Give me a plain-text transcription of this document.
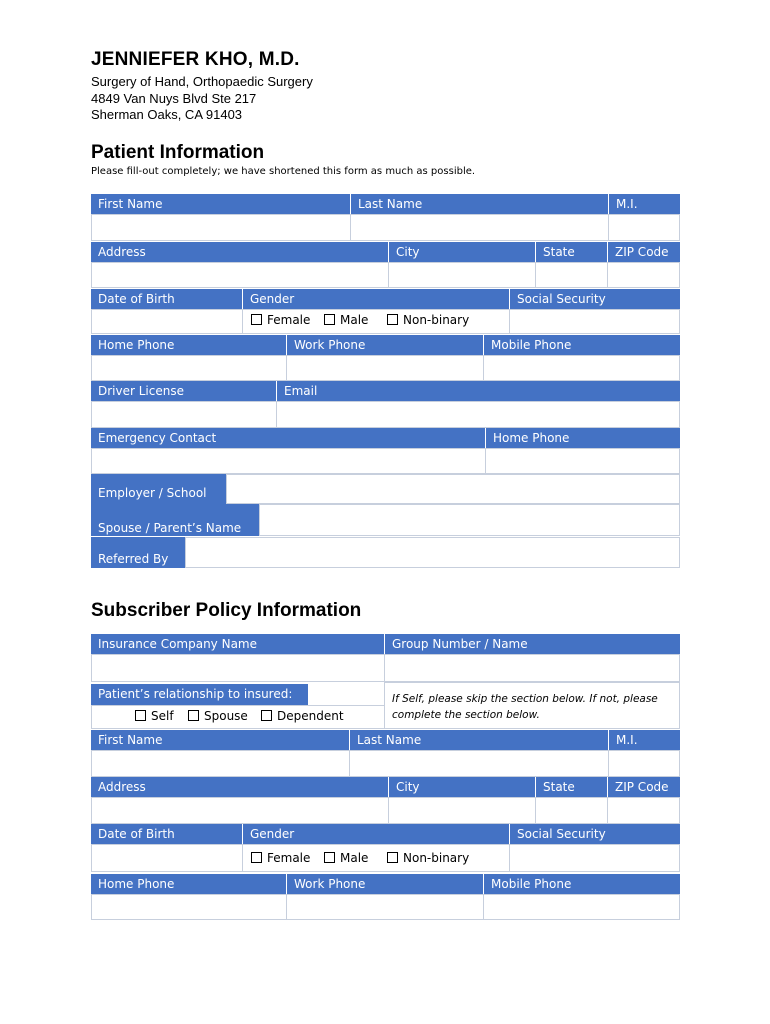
JENNIEFER KHO, M.D.
Surgery of Hand, Orthopaedic Surgery
4849 Van Nuys Blvd Ste 217
Sherman Oaks, CA 91403
Patient Information
Please fill-out completely; we have shortened this form as much as possible.
First Name	Last Name	M.I.
Address	City	State	ZIP Code
Date of Birth	Gender	Social Security
Female	Male	Non-binary
Home Phone	Work Phone	Mobile Phone
Driver License	Email
Emergency Contact	Home Phone
Employer / School
Spouse / Parent’s Name
Referred By
Subscriber Policy Information
Insurance Company Name	Group Number / Name
Patient’s relationship to insured:
Self	Spouse	Dependent
If Self, please skip the section below. If not, please
complete the section below.
First Name	Last Name	M.I.
Address	City	State	ZIP Code
Date of Birth	Gender	Social Security
Female	Male	Non-binary
Home Phone	Work Phone	Mobile Phone
